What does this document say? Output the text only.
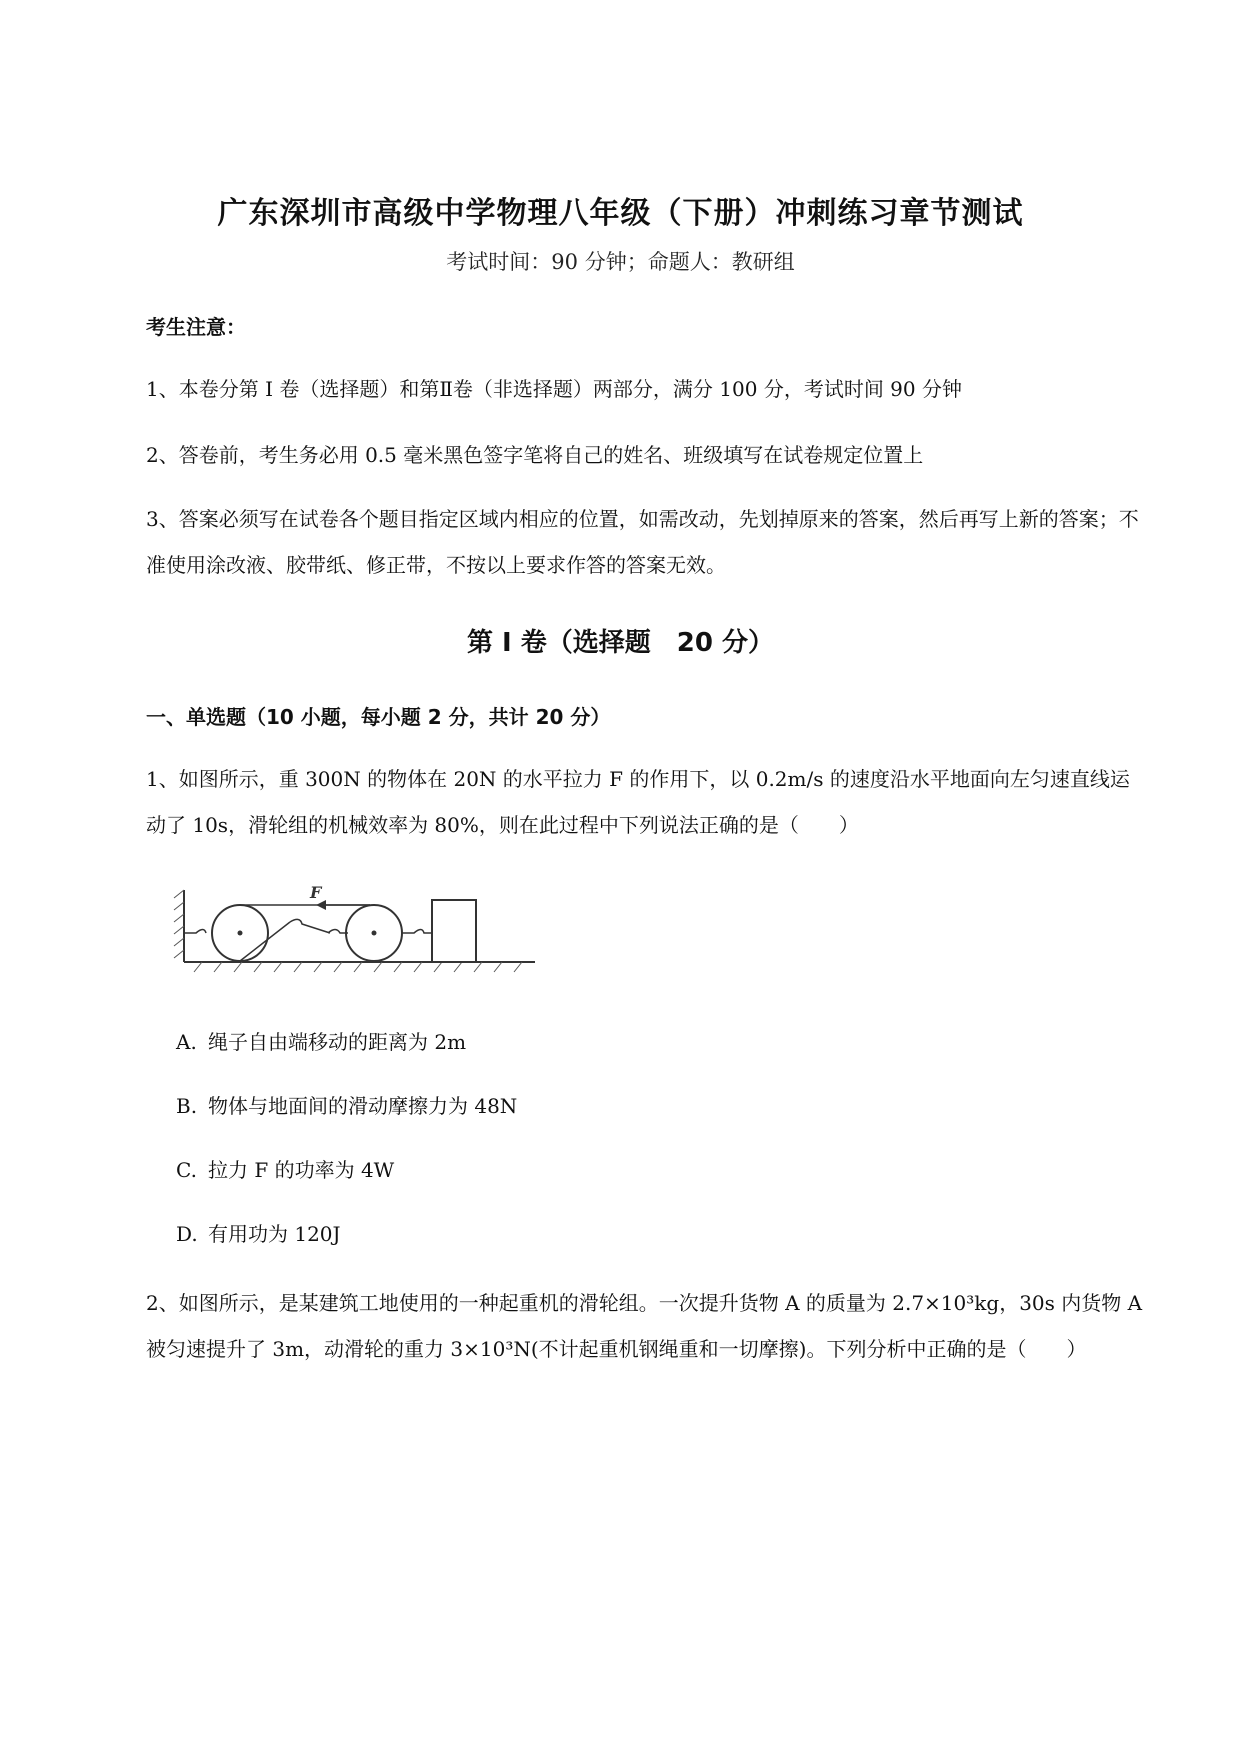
广东深圳市高级中学物理八年级（下册）冲刺练习章节测试
考试时间：90 分钟；命题人：教研组
考生注意：
1、本卷分第 I 卷（选择题）和第Ⅱ卷（非选择题）两部分，满分 100 分，考试时间 90 分钟
2、答卷前，考生务必用 0.5 毫米黑色签字笔将自己的姓名、班级填写在试卷规定位置上
3、答案必须写在试卷各个题目指定区域内相应的位置，如需改动，先划掉原来的答案，然后再写上新的答案；不准使用涂改液、胶带纸、修正带，不按以上要求作答的答案无效。
第 I 卷（选择题　20 分）
一、单选题（10 小题，每小题 2 分，共计 20 分）
1、如图所示，重 300N 的物体在 20N 的水平拉力 F 的作用下，以 0.2m/s 的速度沿水平地面向左匀速直线运动了 10s，滑轮组的机械效率为 80%，则在此过程中下列说法正确的是（　　）
F
A. 绳子自由端移动的距离为 2m
B. 物体与地面间的滑动摩擦力为 48N
C. 拉力 F 的功率为 4W
D. 有用功为 120J
2、如图所示，是某建筑工地使用的一种起重机的滑轮组。一次提升货物 A 的质量为 2.7×10³kg，30s 内货物 A 被匀速提升了 3m，动滑轮的重力 3×10³N(不计起重机钢绳重和一切摩擦)。下列分析中正确的是（　　）
